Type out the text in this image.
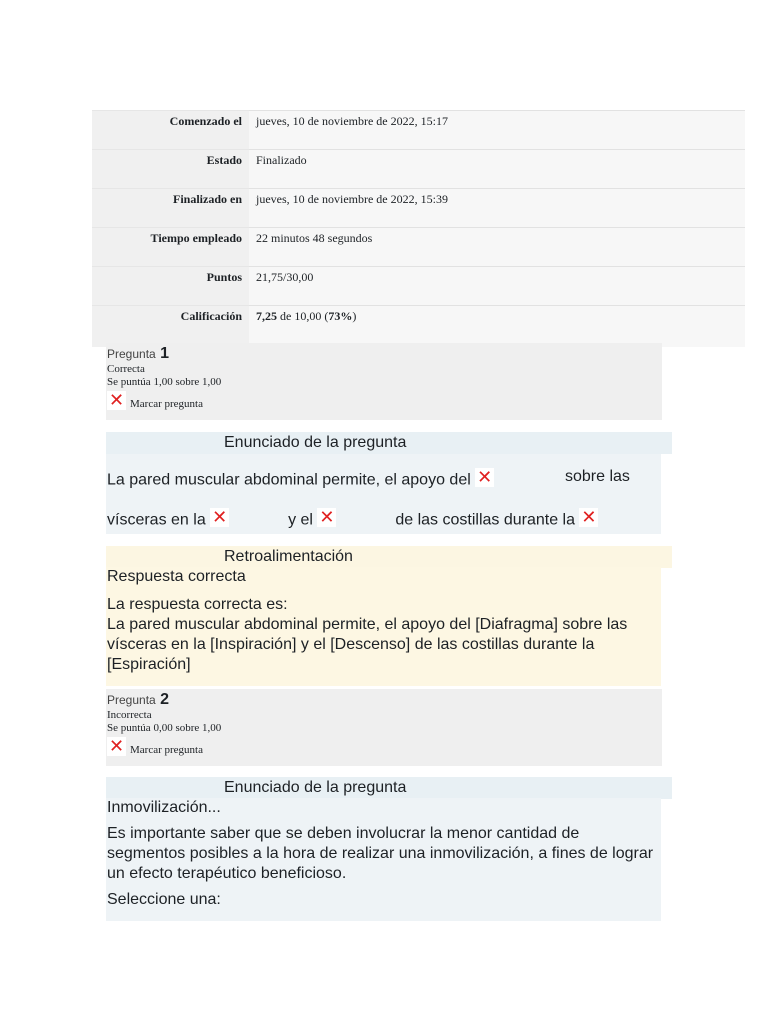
Comenzado el	jueves, 10 de noviembre de 2022, 15:17
Estado	Finalizado
Finalizado en	jueves, 10 de noviembre de 2022, 15:39
Tiempo empleado	22 minutos 48 segundos
Puntos	21,75/30,00
Calificación	7,25 de 10,00 (73%)
Pregunta 1
Correcta
Se puntúa 1,00 sobre 1,00
✕ Marcar pregunta
Enunciado de la pregunta
La pared muscular abdominal permite, el apoyo del ✕	sobre las
vísceras en la ✕	y el ✕	de las costillas durante la ✕
Retroalimentación

Respuesta correcta

La respuesta correcta es:

La pared muscular abdominal permite, el apoyo del [Diafragma] sobre las vísceras en la [Inspiración] y el [Descenso] de las costillas durante la [Espiración]

Pregunta 2
Incorrecta
Se puntúa 0,00 sobre 1,00
✕ Marcar pregunta
Enunciado de la pregunta

Inmovilización...

Es importante saber que se deben involucrar la menor cantidad de segmentos posibles a la hora de realizar una inmovilización, a fines de lograr un efecto terapéutico beneficioso.

Seleccione una:
